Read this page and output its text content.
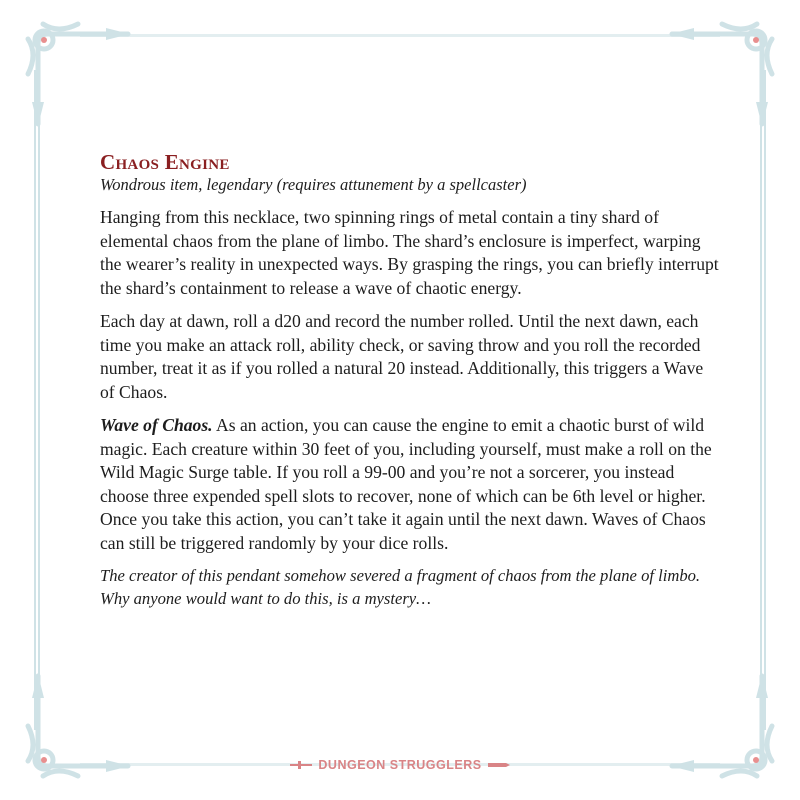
Chaos Engine

Wondrous item, legendary (requires attunement by a spellcaster)

Hanging from this necklace, two spinning rings of metal contain a tiny shard of elemental chaos from the plane of limbo. The shard’s enclosure is imperfect, warping the wearer’s reality in unexpected ways. By grasping the rings, you can briefly interrupt the shard’s containment to release a wave of chaotic energy.

Each day at dawn, roll a d20 and record the number rolled. Until the next dawn, each time you make an attack roll, ability check, or saving throw and you roll the recorded number, treat it as if you rolled a natural 20 instead. Additionally, this triggers a Wave of Chaos.

Wave of Chaos. As an action, you can cause the engine to emit a chaotic burst of wild magic. Each creature within 30 feet of you, including yourself, must make a roll on the Wild Magic Surge table. If you roll a 99-00 and you’re not a sorcerer, you instead choose three expended spell slots to recover, none of which can be 6th level or higher. Once you take this action, you can’t take it again until the next dawn. Waves of Chaos can still be triggered randomly by your dice rolls.

The creator of this pendant somehow severed a fragment of chaos from the plane of limbo. Why anyone would want to do this, is a mystery…

DUNGEON STRUGGLERS
